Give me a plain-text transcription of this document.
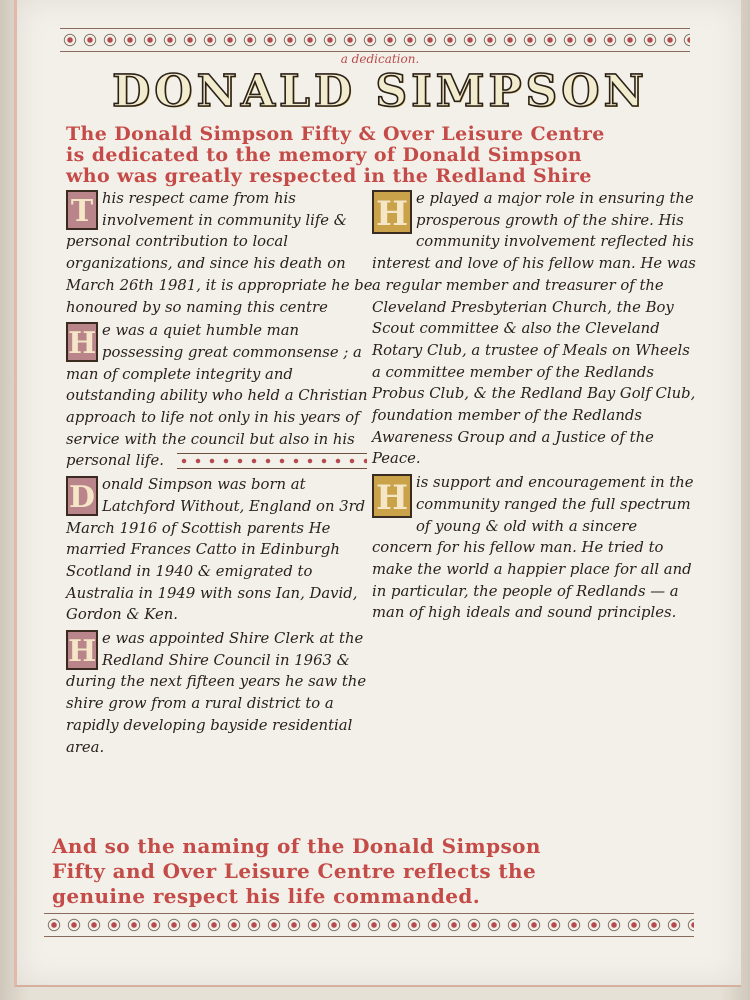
a dedication.
DONALD SIMPSON
The Donald Simpson Fifty & Over Leisure Centre
is dedicated to the memory of Donald Simpson
who was greatly respected in the Redland Shire

T his respect came from his involvement in community life & personal contribution to local organizations, and since his death on March 26th 1981, it is appropriate he be honoured by so naming this centre

H e was a quiet humble man possessing great commonsense ; a man of complete integrity and outstanding ability who held a Christian approach to life not only in his years of service with the council but also in his personal life.

D onald Simpson was born at Latchford Without, England on 3rd March 1916 of Scottish parents He married Frances Catto in Edinburgh Scotland in 1940 & emigrated to Australia in 1949 with sons Ian, David, Gordon & Ken.

H e was appointed Shire Clerk at the Redland Shire Council in 1963 & during the next fifteen years he saw the shire grow from a rural district to a rapidly developing bayside residential area.

H e played a major role in ensuring the prosperous growth of the shire. His community involvement reflected his interest and love of his fellow man. He was a regular member and treasurer of the Cleveland Presbyterian Church, the Boy Scout committee & also the Cleveland Rotary Club, a trustee of Meals on Wheels a committee member of the Redlands Probus Club, & the Redland Bay Golf Club, foundation member of the Redlands Awareness Group and a Justice of the Peace.

H is support and encouragement in the community ranged the full spectrum of young & old with a sincere concern for his fellow man. He tried to make the world a happier place for all and in particular, the people of Redlands — a man of high ideals and sound principles.

And so the naming of the Donald Simpson
Fifty and Over Leisure Centre reflects the
genuine respect his life commanded.
